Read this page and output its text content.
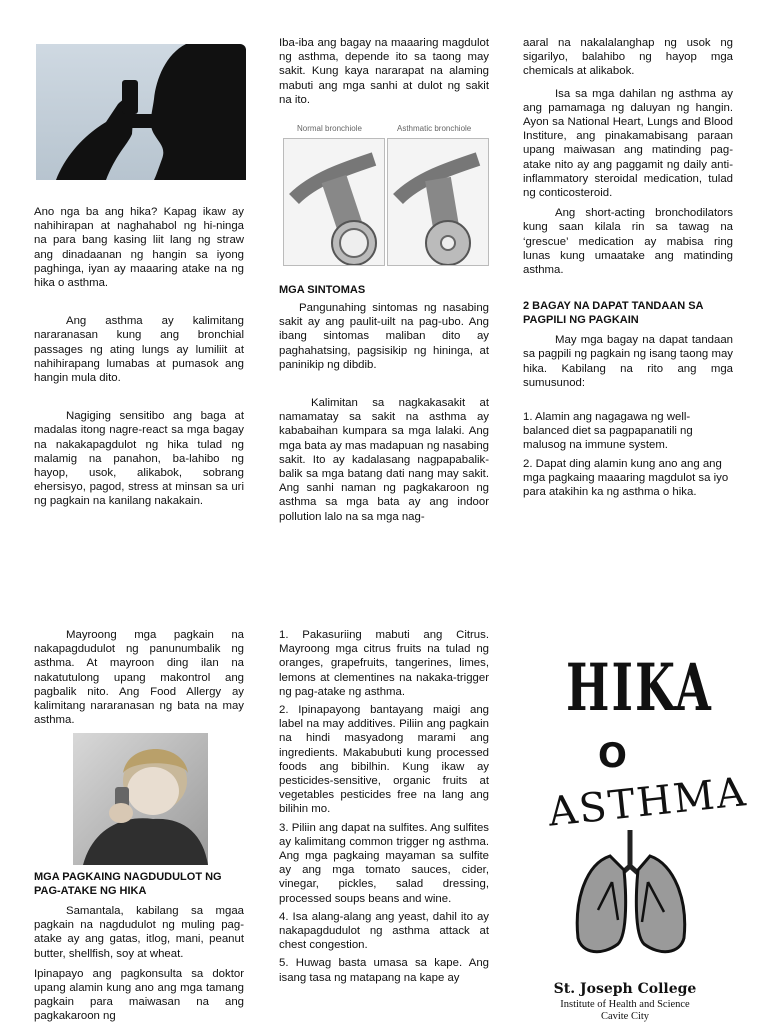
Ano nga ba ang hika? Kapag ikaw ay nahihirapan at naghahabol ng hi-ninga na para bang kasing liit lang ng straw ang dinadaanan ng hangin sa iyong paghinga, iyan ay maaaring atake na ng hika o asthma.

Ang asthma ay kalimitang nararanasan kung ang bronchial passages ng ating lungs ay lumiliit at nahihirapang lumabas at pumasok ang hangin mula dito.

Nagiging sensitibo ang baga at madalas itong nagre-react sa mga bagay na nakakapagdulot ng hika tulad ng malamig na panahon, ba-lahibo ng hayop, usok, alikabok, sobrang ehersisyo, pagod, stress at minsan sa uri ng pagkain na kanilang nakakain.

Iba-iba ang bagay na maaaring magdulot ng asthma, depende ito sa taong may sakit. Kung kaya nararapat na alaming mabuti ang mga sanhi at dulot ng sakit na ito.

Normal bronchiole	Asthmatic bronchiole

MGA SINTOMAS

Pangunahing sintomas ng nasabing sakit ay ang paulit-uilt na pag-ubo. Ang ibang sintomas maliban dito ay paghahatsing, pagsisikip ng hininga, at paninikip ng dibdib.

Kalimitan sa nagkakasakit at namamatay sa sakit na asthma ay kababaihan kumpara sa mga lalaki. Ang mga bata ay mas madapuan ng nasabing sakit. Ito ay kadalasang nagpapabalik-balik sa mga batang dati nang may sakit. Ang sanhi naman ng pagkakaroon ng asthma sa mga bata ay ang indoor pollution lalo na sa mga nag-

aaral na nakalalanghap ng usok ng sigarilyo, balahibo ng hayop mga chemicals at alikabok.

Isa sa mga dahilan ng asthma ay ang pamamaga ng daluyan ng hangin. Ayon sa National Heart, Lungs and Blood Institure, ang pinakamabisang paraan upang maiwasan ang matinding pag-atake nito ay ang paggamit ng daily anti-inflammatory steroidal medication, tulad ng conticosteroid.

Ang short-acting bronchodilators kung saan kilala rin sa tawag na ‘grescue’ medication ay mabisa ring lunas kung umaatake ang matinding asthma.

2 BAGAY NA DAPAT TANDAAN SA PAGPILI NG PAGKAIN

May mga bagay na dapat tandaan sa pagpili ng pagkain ng isang taong may hika. Kabilang na rito ang mga sumusunod:

1. Alamin ang nagagawa ng well-balanced diet sa pagpapanatili ng malusog na immune system.

2. Dapat ding alamin kung ano ang ang mga pagkaing maaaring magdulot sa iyo para atakihin ka ng asthma o hika.

Mayroong mga pagkain na nakapagdudulot ng panunumbalik ng asthma. At mayroon ding ilan na nakatutulong upang makontrol ang pagbalik nito. Ang Food Allergy ay kalimitang nararanasan ng bata na may asthma.

MGA PAGKAING NAGDUDULOT NG PAG-ATAKE NG HIKA

Samantala, kabilang sa mgaa pagkain na nagdudulot ng muling pag-atake ay ang gatas, itlog, mani, peanut butter, shellfish, soy at wheat.

Ipinapayo ang pagkonsulta sa doktor upang alamin kung ano ang mga tamang pagkain para maiwasan na ang pagkakaroon ng

1. Pakasuriing mabuti ang Citrus. Mayroong mga citrus fruits na tulad ng oranges, grapefruits, tangerines, limes, lemons at clementines na nakaka-trigger ng pag-atake ng asthma.

2. Ipinapayong bantayang maigi ang label na may additives. Piliin ang pagkain na hindi masyadong marami ang ingredients. Makabubuti kung processed foods ang bibilhin. Kung ikaw ay pesticides-sensitive, organic fruits at vegetables pesticides free na lang ang bilihin mo.

3. Piliin ang dapat na sulfites. Ang sulfites ay kalimitang common trigger ng asthma. Ang mga pagkaing mayaman sa sulfite ay ang mga tomato sauces, cider, vinegar, pickles, salad dressing, processed soups beans and wine.

4. Isa alang-alang ang yeast, dahil ito ay nakapagdudulot ng asthma attack at chest congestion.

5. Huwag basta umasa sa kape. Ang isang tasa ng matapang na kape ay

HIKA
O
ASTHMA
St. Joseph College
Institute of Health and Science
Cavite City
